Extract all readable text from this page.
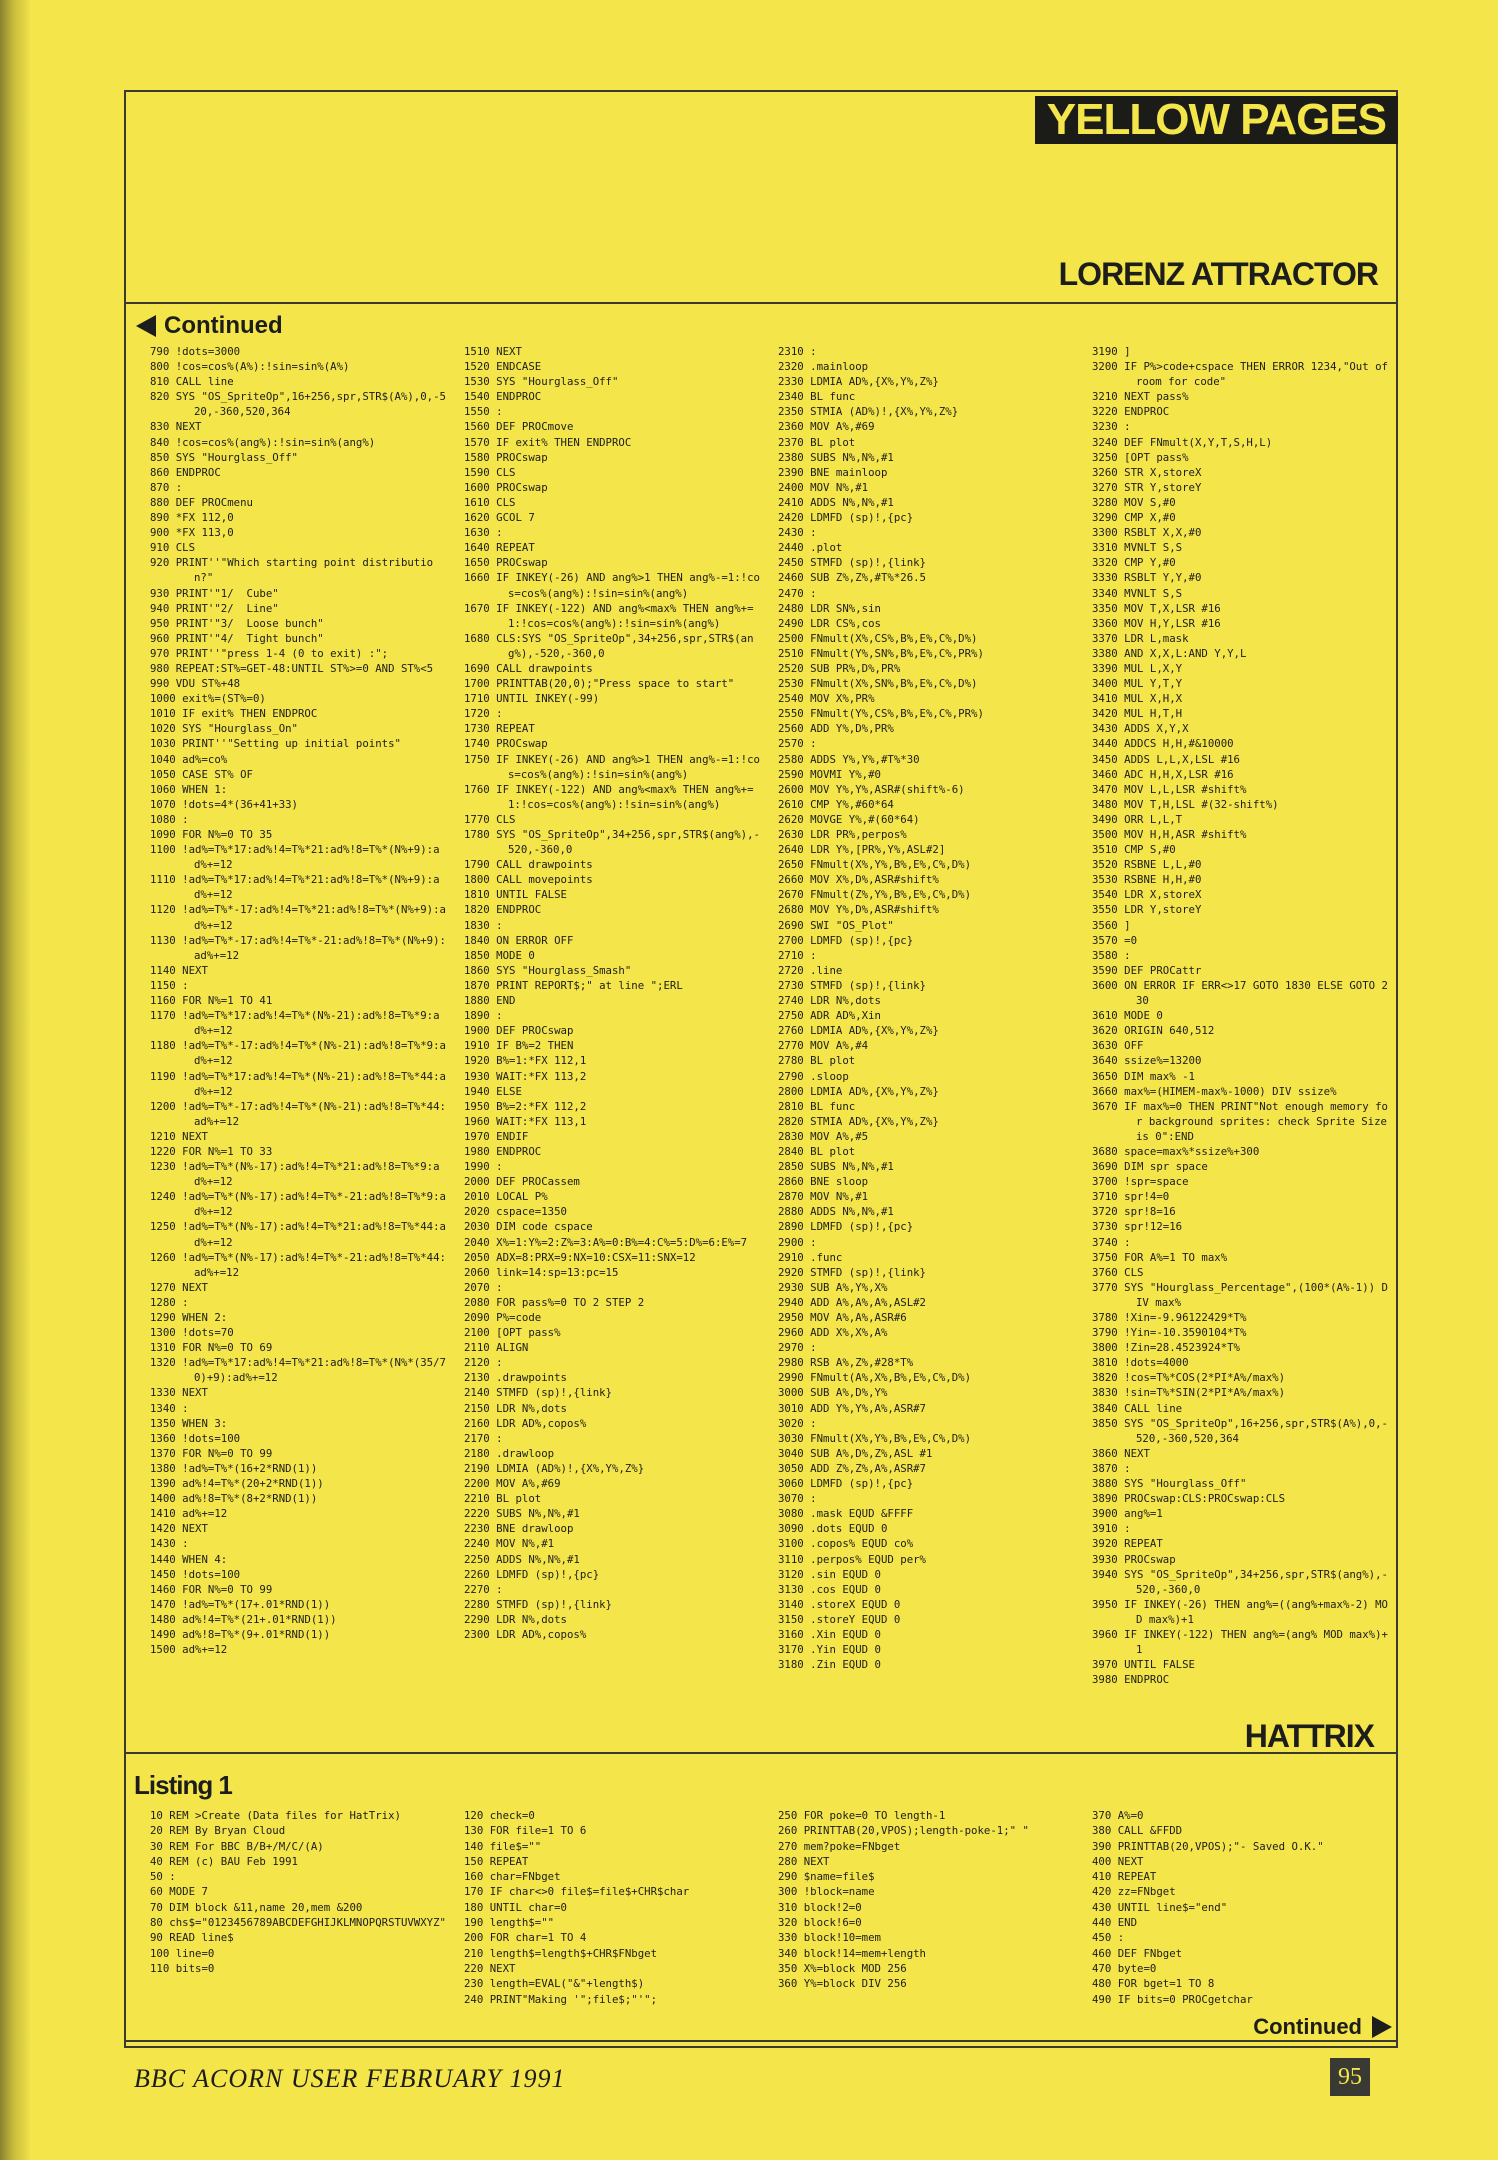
YELLOW PAGES
LORENZ ATTRACTOR
Continued
790 !dots=3000
800 !cos=cos%(A%):!sin=sin%(A%)
810 CALL line
820 SYS "OS_SpriteOp",16+256,spr,STR$(A%),0,-520,-360,520,364
830 NEXT
840 !cos=cos%(ang%):!sin=sin%(ang%)
850 SYS "Hourglass_Off"
860 ENDPROC
870 :
880 DEF PROCmenu
890 *FX 112,0
900 *FX 113,0
910 CLS
920 PRINT''"Which starting point distribution?"
930 PRINT'"1/  Cube"
940 PRINT'"2/  Line"
950 PRINT'"3/  Loose bunch"
960 PRINT'"4/  Tight bunch"
970 PRINT''"press 1-4 (0 to exit) :";
980 REPEAT:ST%=GET-48:UNTIL ST%>=0 AND ST%<5
990 VDU ST%+48
1000 exit%=(ST%=0)
1010 IF exit% THEN ENDPROC
1020 SYS "Hourglass_On"
1030 PRINT''"Setting up initial points"
1040 ad%=co%
1050 CASE ST% OF
1060 WHEN 1:
1070 !dots=4*(36+41+33)
1080 :
1090 FOR N%=0 TO 35
1100 !ad%=T%*17:ad%!4=T%*21:ad%!8=T%*(N%+9):ad%+=12
1110 !ad%=T%*17:ad%!4=T%*21:ad%!8=T%*(N%+9):ad%+=12
1120 !ad%=T%*-17:ad%!4=T%*21:ad%!8=T%*(N%+9):ad%+=12
1130 !ad%=T%*-17:ad%!4=T%*-21:ad%!8=T%*(N%+9):ad%+=12
1140 NEXT
1150 :
1160 FOR N%=1 TO 41
1170 !ad%=T%*17:ad%!4=T%*(N%-21):ad%!8=T%*9:ad%+=12
1180 !ad%=T%*-17:ad%!4=T%*(N%-21):ad%!8=T%*9:ad%+=12
1190 !ad%=T%*17:ad%!4=T%*(N%-21):ad%!8=T%*44:ad%+=12
1200 !ad%=T%*-17:ad%!4=T%*(N%-21):ad%!8=T%*44:ad%+=12
1210 NEXT
1220 FOR N%=1 TO 33
1230 !ad%=T%*(N%-17):ad%!4=T%*21:ad%!8=T%*9:ad%+=12
1240 !ad%=T%*(N%-17):ad%!4=T%*-21:ad%!8=T%*9:ad%+=12
1250 !ad%=T%*(N%-17):ad%!4=T%*21:ad%!8=T%*44:ad%+=12
1260 !ad%=T%*(N%-17):ad%!4=T%*-21:ad%!8=T%*44:ad%+=12
1270 NEXT
1280 :
1290 WHEN 2:
1300 !dots=70
1310 FOR N%=0 TO 69
1320 !ad%=T%*17:ad%!4=T%*21:ad%!8=T%*(N%*(35/70)+9):ad%+=12
1330 NEXT
1340 :
1350 WHEN 3:
1360 !dots=100
1370 FOR N%=0 TO 99
1380 !ad%=T%*(16+2*RND(1))
1390 ad%!4=T%*(20+2*RND(1))
1400 ad%!8=T%*(8+2*RND(1))
1410 ad%+=12
1420 NEXT
1430 :
1440 WHEN 4:
1450 !dots=100
1460 FOR N%=0 TO 99
1470 !ad%=T%*(17+.01*RND(1))
1480 ad%!4=T%*(21+.01*RND(1))
1490 ad%!8=T%*(9+.01*RND(1))
1500 ad%+=12
1510 NEXT
1520 ENDCASE
1530 SYS "Hourglass_Off"
1540 ENDPROC
1550 :
1560 DEF PROCmove
1570 IF exit% THEN ENDPROC
1580 PROCswap
1590 CLS
1600 PROCswap
1610 CLS
1620 GCOL 7
1630 :
1640 REPEAT
1650 PROCswap
1660 IF INKEY(-26) AND ang%>1 THEN ang%-=1:!cos=cos%(ang%):!sin=sin%(ang%)
1670 IF INKEY(-122) AND ang%<max% THEN ang%+=1:!cos=cos%(ang%):!sin=sin%(ang%)
1680 CLS:SYS "OS_SpriteOp",34+256,spr,STR$(ang%),-520,-360,0
1690 CALL drawpoints
1700 PRINTTAB(20,0);"Press space to start"
1710 UNTIL INKEY(-99)
1720 :
1730 REPEAT
1740 PROCswap
1750 IF INKEY(-26) AND ang%>1 THEN ang%-=1:!cos=cos%(ang%):!sin=sin%(ang%)
1760 IF INKEY(-122) AND ang%<max% THEN ang%+=1:!cos=cos%(ang%):!sin=sin%(ang%)
1770 CLS
1780 SYS "OS_SpriteOp",34+256,spr,STR$(ang%),-520,-360,0
1790 CALL drawpoints
1800 CALL movepoints
1810 UNTIL FALSE
1820 ENDPROC
1830 :
1840 ON ERROR OFF
1850 MODE 0
1860 SYS "Hourglass_Smash"
1870 PRINT REPORT$;" at line ";ERL
1880 END
1890 :
1900 DEF PROCswap
1910 IF B%=2 THEN
1920 B%=1:*FX 112,1
1930 WAIT:*FX 113,2
1940 ELSE
1950 B%=2:*FX 112,2
1960 WAIT:*FX 113,1
1970 ENDIF
1980 ENDPROC
1990 :
2000 DEF PROCassem
2010 LOCAL P%
2020 cspace=1350
2030 DIM code cspace
2040 X%=1:Y%=2:Z%=3:A%=0:B%=4:C%=5:D%=6:E%=7
2050 ADX=8:PRX=9:NX=10:CSX=11:SNX=12
2060 link=14:sp=13:pc=15
2070 :
2080 FOR pass%=0 TO 2 STEP 2
2090 P%=code
2100 [OPT pass%
2110 ALIGN
2120 :
2130 .drawpoints
2140 STMFD (sp)!,{link}
2150 LDR N%,dots
2160 LDR AD%,copos%
2170 :
2180 .drawloop
2190 LDMIA (AD%)!,{X%,Y%,Z%}
2200 MOV A%,#69
2210 BL plot
2220 SUBS N%,N%,#1
2230 BNE drawloop
2240 MOV N%,#1
2250 ADDS N%,N%,#1
2260 LDMFD (sp)!,{pc}
2270 :
2280 STMFD (sp)!,{link}
2290 LDR N%,dots
2300 LDR AD%,copos%
2310 :
2320 .mainloop
2330 LDMIA AD%,{X%,Y%,Z%}
2340 BL func
2350 STMIA (AD%)!,{X%,Y%,Z%}
2360 MOV A%,#69
2370 BL plot
2380 SUBS N%,N%,#1
2390 BNE mainloop
2400 MOV N%,#1
2410 ADDS N%,N%,#1
2420 LDMFD (sp)!,{pc}
2430 :
2440 .plot
2450 STMFD (sp)!,{link}
2460 SUB Z%,Z%,#T%*26.5
2470 :
2480 LDR SN%,sin
2490 LDR CS%,cos
2500 FNmult(X%,CS%,B%,E%,C%,D%)
2510 FNmult(Y%,SN%,B%,E%,C%,PR%)
2520 SUB PR%,D%,PR%
2530 FNmult(X%,SN%,B%,E%,C%,D%)
2540 MOV X%,PR%
2550 FNmult(Y%,CS%,B%,E%,C%,PR%)
2560 ADD Y%,D%,PR%
2570 :
2580 ADDS Y%,Y%,#T%*30
2590 MOVMI Y%,#0
2600 MOV Y%,Y%,ASR#(shift%-6)
2610 CMP Y%,#60*64
2620 MOVGE Y%,#(60*64)
2630 LDR PR%,perpos%
2640 LDR Y%,[PR%,Y%,ASL#2]
2650 FNmult(X%,Y%,B%,E%,C%,D%)
2660 MOV X%,D%,ASR#shift%
2670 FNmult(Z%,Y%,B%,E%,C%,D%)
2680 MOV Y%,D%,ASR#shift%
2690 SWI "OS_Plot"
2700 LDMFD (sp)!,{pc}
2710 :
2720 .line
2730 STMFD (sp)!,{link}
2740 LDR N%,dots
2750 ADR AD%,Xin
2760 LDMIA AD%,{X%,Y%,Z%}
2770 MOV A%,#4
2780 BL plot
2790 .sloop
2800 LDMIA AD%,{X%,Y%,Z%}
2810 BL func
2820 STMIA AD%,{X%,Y%,Z%}
2830 MOV A%,#5
2840 BL plot
2850 SUBS N%,N%,#1
2860 BNE sloop
2870 MOV N%,#1
2880 ADDS N%,N%,#1
2890 LDMFD (sp)!,{pc}
2900 :
2910 .func
2920 STMFD (sp)!,{link}
2930 SUB A%,Y%,X%
2940 ADD A%,A%,A%,ASL#2
2950 MOV A%,A%,ASR#6
2960 ADD X%,X%,A%
2970 :
2980 RSB A%,Z%,#28*T%
2990 FNmult(A%,X%,B%,E%,C%,D%)
3000 SUB A%,D%,Y%
3010 ADD Y%,Y%,A%,ASR#7
3020 :
3030 FNmult(X%,Y%,B%,E%,C%,D%)
3040 SUB A%,D%,Z%,ASL #1
3050 ADD Z%,Z%,A%,ASR#7
3060 LDMFD (sp)!,{pc}
3070 :
3080 .mask EQUD &FFFF
3090 .dots EQUD 0
3100 .copos% EQUD co%
3110 .perpos% EQUD per%
3120 .sin EQUD 0
3130 .cos EQUD 0
3140 .storeX EQUD 0
3150 .storeY EQUD 0
3160 .Xin EQUD 0
3170 .Yin EQUD 0
3180 .Zin EQUD 0
3190 ]
3200 IF P%>code+cspace THEN ERROR 1234,"Out of room for code"
3210 NEXT pass%
3220 ENDPROC
3230 :
3240 DEF FNmult(X,Y,T,S,H,L)
3250 [OPT pass%
3260 STR X,storeX
3270 STR Y,storeY
3280 MOV S,#0
3290 CMP X,#0
3300 RSBLT X,X,#0
3310 MVNLT S,S
3320 CMP Y,#0
3330 RSBLT Y,Y,#0
3340 MVNLT S,S
3350 MOV T,X,LSR #16
3360 MOV H,Y,LSR #16
3370 LDR L,mask
3380 AND X,X,L:AND Y,Y,L
3390 MUL L,X,Y
3400 MUL Y,T,Y
3410 MUL X,H,X
3420 MUL H,T,H
3430 ADDS X,Y,X
3440 ADDCS H,H,#&10000
3450 ADDS L,L,X,LSL #16
3460 ADC H,H,X,LSR #16
3470 MOV L,L,LSR #shift%
3480 MOV T,H,LSL #(32-shift%)
3490 ORR L,L,T
3500 MOV H,H,ASR #shift%
3510 CMP S,#0
3520 RSBNE L,L,#0
3530 RSBNE H,H,#0
3540 LDR X,storeX
3550 LDR Y,storeY
3560 ]
3570 =0
3580 :
3590 DEF PROCattr
3600 ON ERROR IF ERR<>17 GOTO 1830 ELSE GOTO 230
3610 MODE 0
3620 ORIGIN 640,512
3630 OFF
3640 ssize%=13200
3650 DIM max% -1
3660 max%=(HIMEM-max%-1000) DIV ssize%
3670 IF max%=0 THEN PRINT"Not enough memory for background sprites: check Sprite Size is 0":END
3680 space=max%*ssize%+300
3690 DIM spr space
3700 !spr=space
3710 spr!4=0
3720 spr!8=16
3730 spr!12=16
3740 :
3750 FOR A%=1 TO max%
3760 CLS
3770 SYS "Hourglass_Percentage",(100*(A%-1)) DIV max%
3780 !Xin=-9.96122429*T%
3790 !Yin=-10.3590104*T%
3800 !Zin=28.4523924*T%
3810 !dots=4000
3820 !cos=T%*COS(2*PI*A%/max%)
3830 !sin=T%*SIN(2*PI*A%/max%)
3840 CALL line
3850 SYS "OS_SpriteOp",16+256,spr,STR$(A%),0,-520,-360,520,364
3860 NEXT
3870 :
3880 SYS "Hourglass_Off"
3890 PROCswap:CLS:PROCswap:CLS
3900 ang%=1
3910 :
3920 REPEAT
3930 PROCswap
3940 SYS "OS_SpriteOp",34+256,spr,STR$(ang%),-520,-360,0
3950 IF INKEY(-26) THEN ang%=((ang%+max%-2) MOD max%)+1
3960 IF INKEY(-122) THEN ang%=(ang% MOD max%)+1
3970 UNTIL FALSE
3980 ENDPROC
HATTRIX
Listing 1
10 REM >Create (Data files for HatTrix)
20 REM By Bryan Cloud
30 REM For BBC B/B+/M/C/(A)
40 REM (c) BAU Feb 1991
50 :
60 MODE 7
70 DIM block &11,name 20,mem &200
80 chs$="0123456789ABCDEFGHIJKLMNOPQRSTUVWXYZ"
90 READ line$
100 line=0
110 bits=0
120 check=0
130 FOR file=1 TO 6
140 file$=""
150 REPEAT
160 char=FNbget
170 IF char<>0 file$=file$+CHR$char
180 UNTIL char=0
190 length$=""
200 FOR char=1 TO 4
210 length$=length$+CHR$FNbget
220 NEXT
230 length=EVAL("&"+length$)
240 PRINT"Making '";file$;"'";
250 FOR poke=0 TO length-1
260 PRINTTAB(20,VPOS);length-poke-1;" "
270 mem?poke=FNbget
280 NEXT
290 $name=file$
300 !block=name
310 block!2=0
320 block!6=0
330 block!10=mem
340 block!14=mem+length
350 X%=block MOD 256
360 Y%=block DIV 256
370 A%=0
380 CALL &FFDD
390 PRINTTAB(20,VPOS);"- Saved O.K."
400 NEXT
410 REPEAT
420 zz=FNbget
430 UNTIL line$="end"
440 END
450 :
460 DEF FNbget
470 byte=0
480 FOR bget=1 TO 8
490 IF bits=0 PROCgetchar
Continued
BBC ACORN USER FEBRUARY 1991	95
